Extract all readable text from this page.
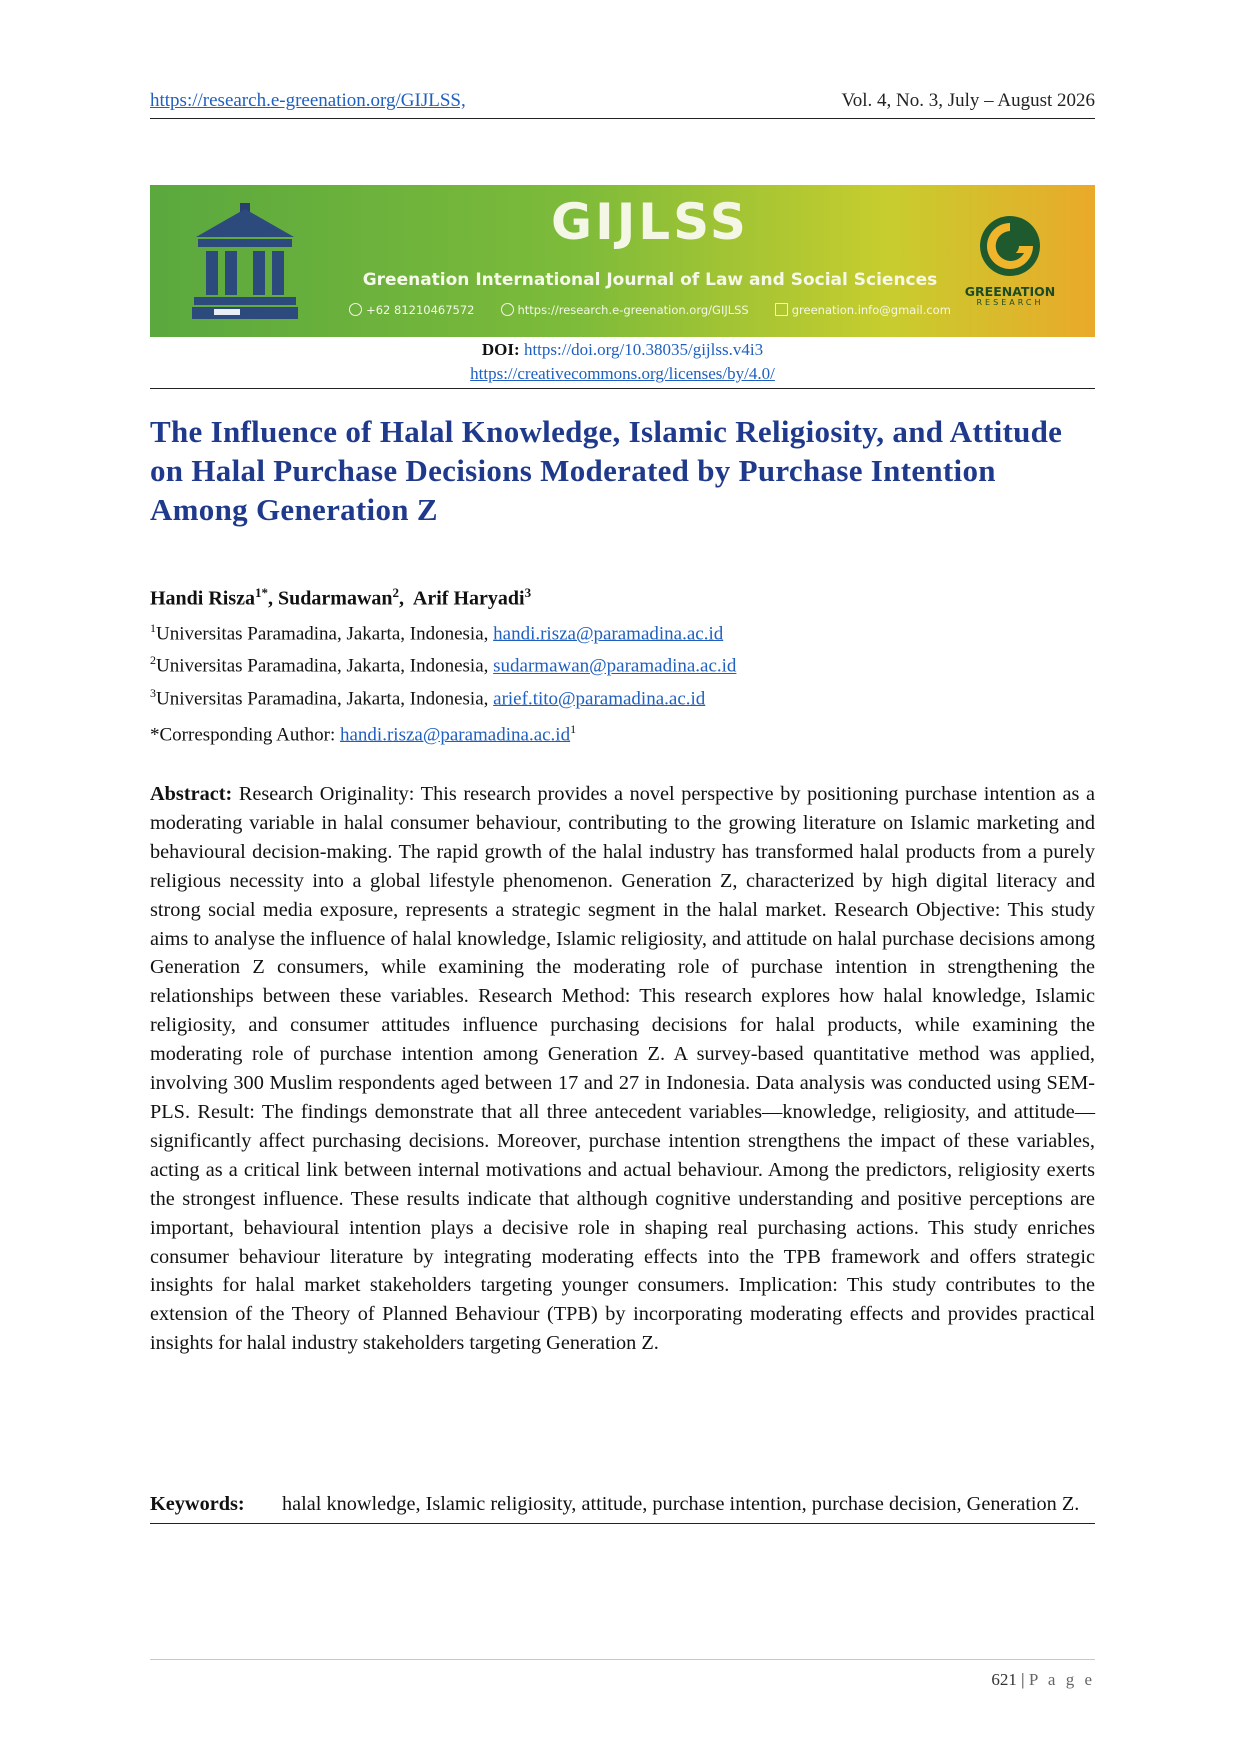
https://research.e-greenation.org/GIJLSS,	Vol. 4, No. 3, July – August 2026
GIJLSS
Greenation International Journal of Law and Social Sciences
+62 81210467572	https://research.e-greenation.org/GIJLSS	greenation.info@gmail.com
GREENATION
RESEARCH
DOI: https://doi.org/10.38035/gijlss.v4i3
https://creativecommons.org/licenses/by/4.0/
The Influence of Halal Knowledge, Islamic Religiosity, and Attitude on Halal Purchase Decisions Moderated by Purchase Intention Among Generation Z
Handi Risza$^{1*}$, Sudarmawan$^2$,  Arif Haryadi$^3$
$^1$Universitas Paramadina, Jakarta, Indonesia, handi.risza@paramadina.ac.id
$^2$Universitas Paramadina, Jakarta, Indonesia, sudarmawan@paramadina.ac.id
$^3$Universitas Paramadina, Jakarta, Indonesia, arief.tito@paramadina.ac.id
*Corresponding Author: $handi.risza@paramadina.ac.id^1$

Abstract: Research Originality: This research provides a novel perspective by positioning purchase intention as a moderating variable in halal consumer behaviour, contributing to the growing literature on Islamic marketing and behavioural decision-making. The rapid growth of the halal industry has transformed halal products from a purely religious necessity into a global lifestyle phenomenon. Generation Z, characterized by high digital literacy and strong social media exposure, represents a strategic segment in the halal market. Research Objective: This study aims to analyse the influence of halal knowledge, Islamic religiosity, and attitude on halal purchase decisions among Generation Z consumers, while examining the moderating role of purchase intention in strengthening the relationships between these variables. Research Method: This research explores how halal knowledge, Islamic religiosity, and consumer attitudes influence purchasing decisions for halal products, while examining the moderating role of purchase intention among Generation Z. A survey-based quantitative method was applied, involving 300 Muslim respondents aged between 17 and 27 in Indonesia. Data analysis was conducted using SEM-PLS. Result: The findings demonstrate that all three antecedent variables—knowledge, religiosity, and attitude—significantly affect purchasing decisions. Moreover, purchase intention strengthens the impact of these variables, acting as a critical link between internal motivations and actual behaviour. Among the predictors, religiosity exerts the strongest influence. These results indicate that although cognitive understanding and positive perceptions are important, behavioural intention plays a decisive role in shaping real purchasing actions. This study enriches consumer behaviour literature by integrating moderating effects into the TPB framework and offers strategic insights for halal market stakeholders targeting younger consumers. Implication: This study contributes to the extension of the Theory of Planned Behaviour (TPB) by incorporating moderating effects and provides practical insights for halal industry stakeholders targeting Generation Z.

Keywords:	halal knowledge, Islamic religiosity, attitude, purchase intention, purchase decision, Generation Z.
621 | P a g e
